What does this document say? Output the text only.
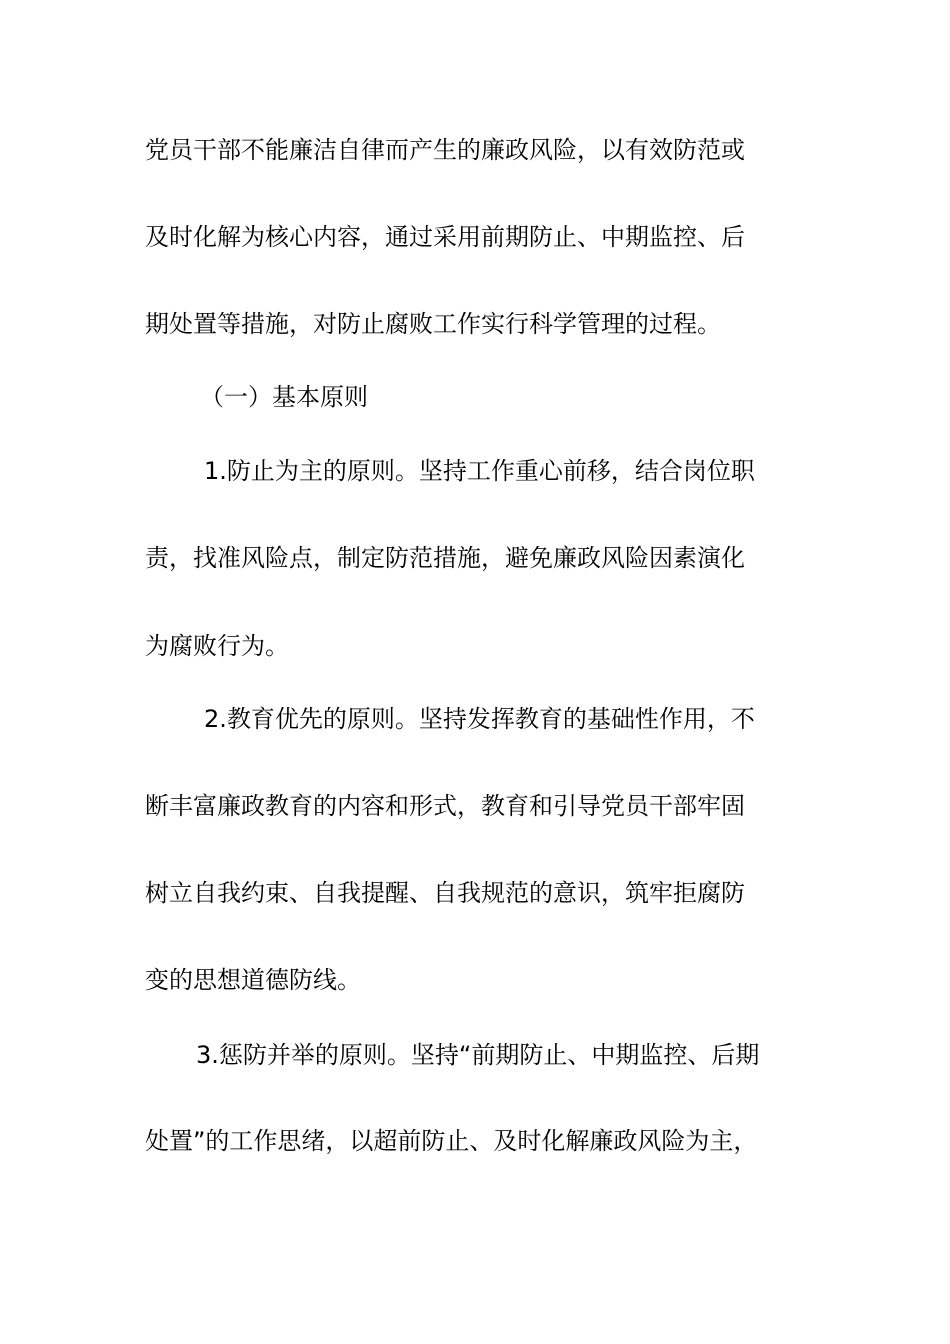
党员干部不能廉洁自律而产生的廉政风险，以有效防范或
及时化解为核心内容，通过采用前期防止、中期监控、后
期处置等措施，对防止腐败工作实行科学管理的过程。
（一）基本原则
1.防止为主的原则。坚持工作重心前移，结合岗位职
责，找准风险点，制定防范措施，避免廉政风险因素演化
为腐败行为。
2.教育优先的原则。坚持发挥教育的基础性作用，不
断丰富廉政教育的内容和形式，教育和引导党员干部牢固
树立自我约束、自我提醒、自我规范的意识，筑牢拒腐防
变的思想道德防线。
3.惩防并举的原则。坚持“前期防止、中期监控、后期
处置”的工作思绪，以超前防止、及时化解廉政风险为主，
